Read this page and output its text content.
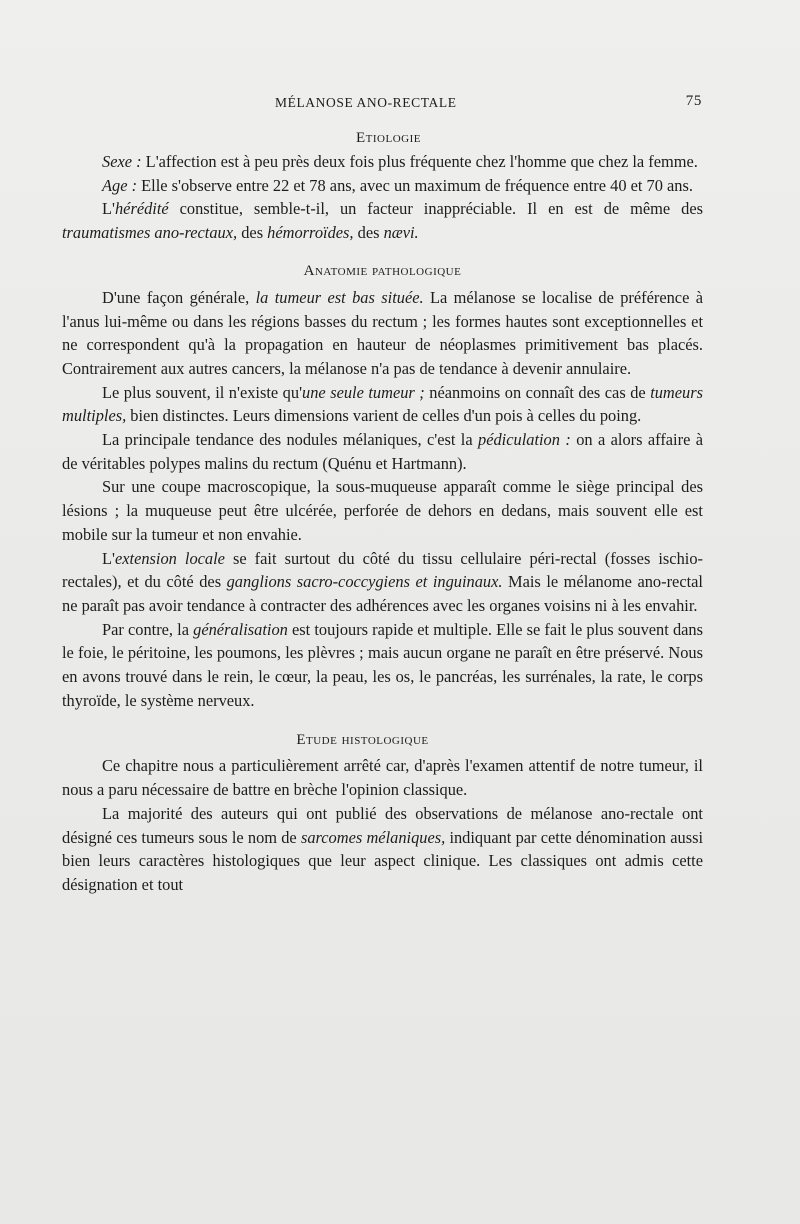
MÉLANOSE ANO-RECTALE	75
Etiologie

Sexe : L'affection est à peu près deux fois plus fréquente chez l'homme que chez la femme.

Age : Elle s'observe entre 22 et 78 ans, avec un maximum de fréquence entre 40 et 70 ans.

L'hérédité constitue, semble-t-il, un facteur inappréciable. Il en est de même des traumatismes ano-rectaux, des hémorroïdes, des nævi.

Anatomie pathologique

D'une façon générale, la tumeur est bas située. La mélanose se localise de préférence à l'anus lui-même ou dans les régions basses du rectum ; les formes hautes sont exceptionnelles et ne correspondent qu'à la propagation en hauteur de néoplasmes primitivement bas placés. Contrairement aux autres cancers, la mélanose n'a pas de tendance à devenir annulaire.

Le plus souvent, il n'existe qu'une seule tumeur ; néanmoins on connaît des cas de tumeurs multiples, bien distinctes. Leurs dimensions varient de celles d'un pois à celles du poing.

La principale tendance des nodules mélaniques, c'est la pédiculation : on a alors affaire à de véritables polypes malins du rectum (Quénu et Hartmann).

Sur une coupe macroscopique, la sous-muqueuse apparaît comme le siège principal des lésions ; la muqueuse peut être ulcérée, perforée de dehors en dedans, mais souvent elle est mobile sur la tumeur et non envahie.

L'extension locale se fait surtout du côté du tissu cellulaire péri-rectal (fosses ischio-rectales), et du côté des ganglions sacro-coccygiens et inguinaux. Mais le mélanome ano-rectal ne paraît pas avoir tendance à contracter des adhérences avec les organes voisins ni à les envahir.

Par contre, la généralisation est toujours rapide et multiple. Elle se fait le plus souvent dans le foie, le péritoine, les poumons, les plèvres ; mais aucun organe ne paraît en être préservé. Nous en avons trouvé dans le rein, le cœur, la peau, les os, le pancréas, les surrénales, la rate, le corps thyroïde, le système nerveux.

Etude histologique

Ce chapitre nous a particulièrement arrêté car, d'après l'examen attentif de notre tumeur, il nous a paru nécessaire de battre en brèche l'opinion classique.

La majorité des auteurs qui ont publié des observations de mélanose ano-rectale ont désigné ces tumeurs sous le nom de sarcomes mélaniques, indiquant par cette dénomination aussi bien leurs caractères histologiques que leur aspect clinique. Les classiques ont admis cette désignation et tout
